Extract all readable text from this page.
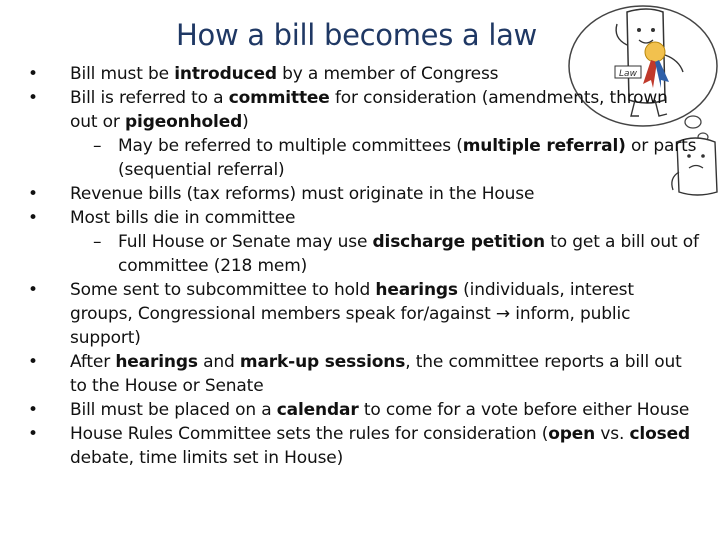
How a bill becomes a law
Law
• Bill must be introduced by a member of Congress
• Bill is referred to a committee for consideration (amendments, thrown out or pigeonholed)
– May be referred to multiple committees (multiple referral) or parts (sequential referral)
• Revenue bills (tax reforms) must originate in the House
• Most bills die in committee
– Full House or Senate may use discharge petition to get a bill out of committee (218 mem)
• Some sent to subcommittee to hold hearings (individuals, interest groups, Congressional members speak for/against → inform, public support)
• After hearings and mark-up sessions, the committee reports a bill out to the House or Senate
• Bill must be placed on a calendar to come for a vote before either House
• House Rules Committee sets the rules for consideration (open vs. closed debate, time limits set in House)
